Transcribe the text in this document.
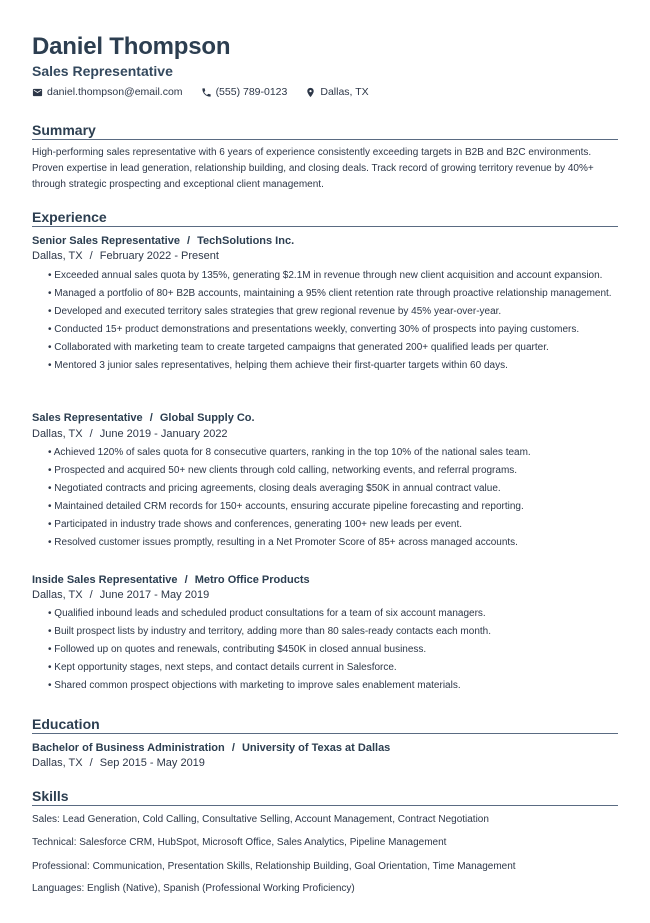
Daniel Thompson
Sales Representative
daniel.thompson@email.com	(555) 789-0123	Dallas, TX
Summary
High-performing sales representative with 6 years of experience consistently exceeding targets in B2B and B2C environments. Proven expertise in lead generation, relationship building, and closing deals. Track record of growing territory revenue by 40%+ through strategic prospecting and exceptional client management.
Experience
Senior Sales Representative / TechSolutions Inc.
Dallas, TX / February 2022 - Present
• Exceeded annual sales quota by 135%, generating $2.1M in revenue through new client acquisition and account expansion.
• Managed a portfolio of 80+ B2B accounts, maintaining a 95% client retention rate through proactive relationship management.
• Developed and executed territory sales strategies that grew regional revenue by 45% year-over-year.
• Conducted 15+ product demonstrations and presentations weekly, converting 30% of prospects into paying customers.
• Collaborated with marketing team to create targeted campaigns that generated 200+ qualified leads per quarter.
• Mentored 3 junior sales representatives, helping them achieve their first-quarter targets within 60 days.
Sales Representative / Global Supply Co.
Dallas, TX / June 2019 - January 2022
• Achieved 120% of sales quota for 8 consecutive quarters, ranking in the top 10% of the national sales team.
• Prospected and acquired 50+ new clients through cold calling, networking events, and referral programs.
• Negotiated contracts and pricing agreements, closing deals averaging $50K in annual contract value.
• Maintained detailed CRM records for 150+ accounts, ensuring accurate pipeline forecasting and reporting.
• Participated in industry trade shows and conferences, generating 100+ new leads per event.
• Resolved customer issues promptly, resulting in a Net Promoter Score of 85+ across managed accounts.
Inside Sales Representative / Metro Office Products
Dallas, TX / June 2017 - May 2019
• Qualified inbound leads and scheduled product consultations for a team of six account managers.
• Built prospect lists by industry and territory, adding more than 80 sales-ready contacts each month.
• Followed up on quotes and renewals, contributing $450K in closed annual business.
• Kept opportunity stages, next steps, and contact details current in Salesforce.
• Shared common prospect objections with marketing to improve sales enablement materials.
Education
Bachelor of Business Administration / University of Texas at Dallas
Dallas, TX / Sep 2015 - May 2019
Skills
Sales: Lead Generation, Cold Calling, Consultative Selling, Account Management, Contract Negotiation
Technical: Salesforce CRM, HubSpot, Microsoft Office, Sales Analytics, Pipeline Management
Professional: Communication, Presentation Skills, Relationship Building, Goal Orientation, Time Management
Languages: English (Native), Spanish (Professional Working Proficiency)
